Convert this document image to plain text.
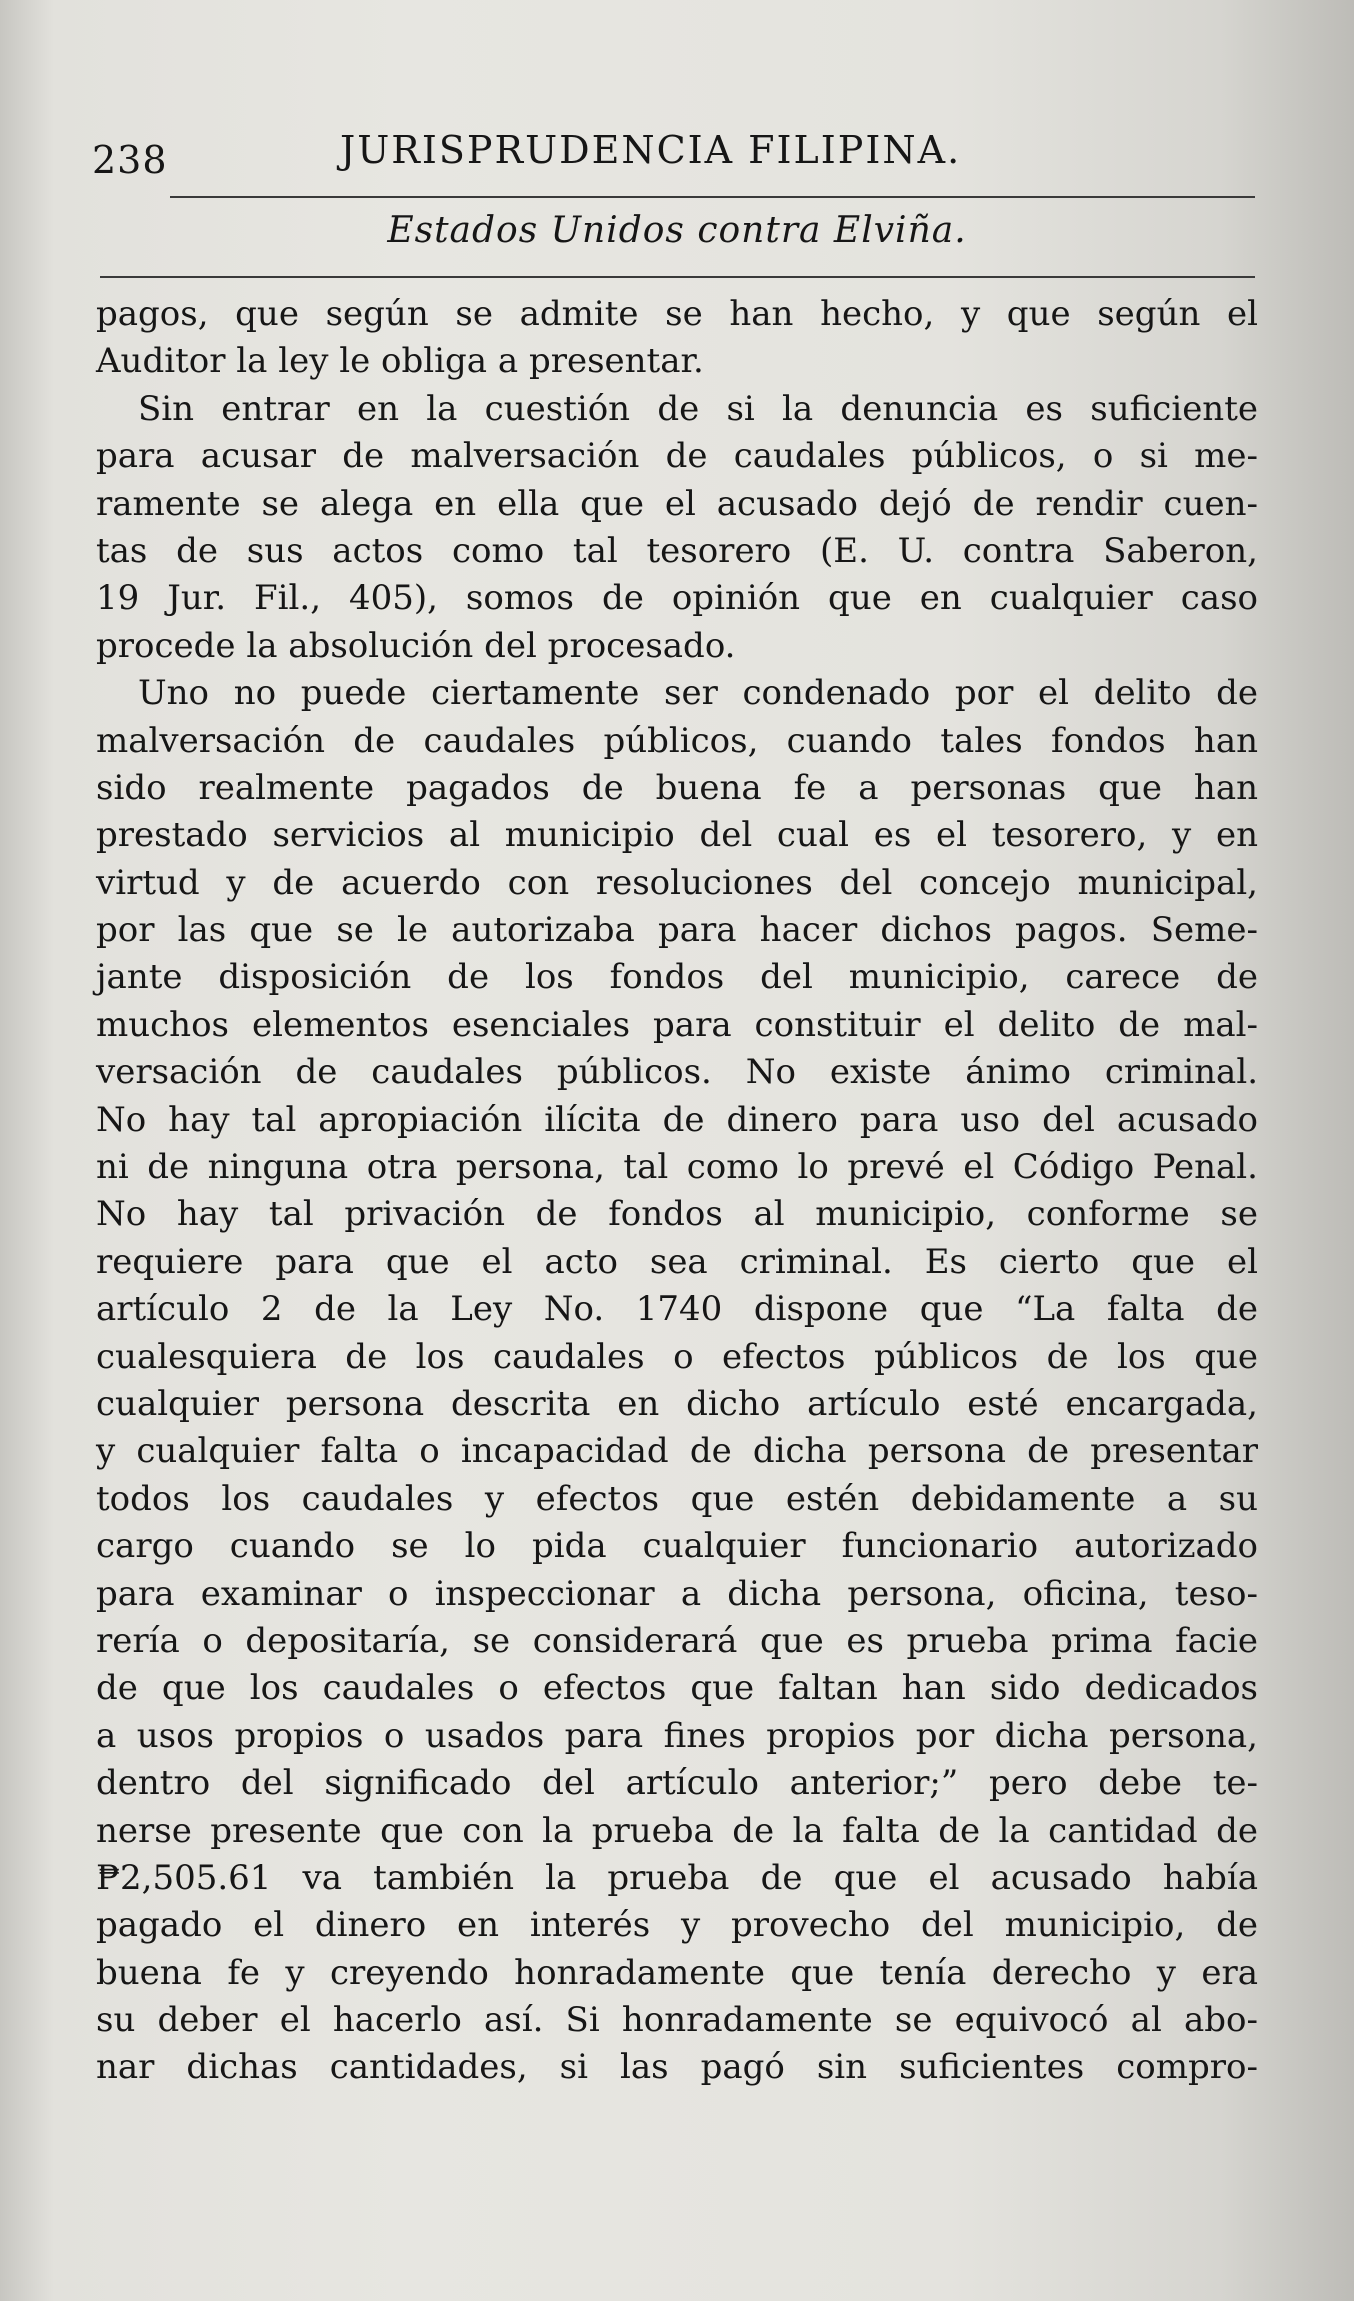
238	JURISPRUDENCIA FILIPINA.
Estados Unidos contra Elviña.
pagos, que según se admite se han hecho, y que según el
Auditor la ley le obliga a presentar.
Sin entrar en la cuestión de si la denuncia es suficiente
para acusar de malversación de caudales públicos, o si me-
ramente se alega en ella que el acusado dejó de rendir cuen-
tas de sus actos como tal tesorero (E. U. contra Saberon,
19 Jur. Fil., 405), somos de opinión que en cualquier caso
procede la absolución del procesado.
Uno no puede ciertamente ser condenado por el delito de
malversación de caudales públicos, cuando tales fondos han
sido realmente pagados de buena fe a personas que han
prestado servicios al municipio del cual es el tesorero, y en
virtud y de acuerdo con resoluciones del concejo municipal,
por las que se le autorizaba para hacer dichos pagos. Seme-
jante disposición de los fondos del municipio, carece de
muchos elementos esenciales para constituir el delito de mal-
versación de caudales públicos. No existe ánimo criminal.
No hay tal apropiación ilícita de dinero para uso del acusado
ni de ninguna otra persona, tal como lo prevé el Código Penal.
No hay tal privación de fondos al municipio, conforme se
requiere para que el acto sea criminal. Es cierto que el
artículo 2 de la Ley No. 1740 dispone que “La falta de
cualesquiera de los caudales o efectos públicos de los que
cualquier persona descrita en dicho artículo esté encargada,
y cualquier falta o incapacidad de dicha persona de presentar
todos los caudales y efectos que estén debidamente a su
cargo cuando se lo pida cualquier funcionario autorizado
para examinar o inspeccionar a dicha persona, oficina, teso-
rería o depositaría, se considerará que es prueba prima facie
de que los caudales o efectos que faltan han sido dedicados
a usos propios o usados para fines propios por dicha persona,
dentro del significado del artículo anterior;” pero debe te-
nerse presente que con la prueba de la falta de la cantidad de
₱2,505.61 va también la prueba de que el acusado había
pagado el dinero en interés y provecho del municipio, de
buena fe y creyendo honradamente que tenía derecho y era
su deber el hacerlo así. Si honradamente se equivocó al abo-
nar dichas cantidades, si las pagó sin suficientes compro-
